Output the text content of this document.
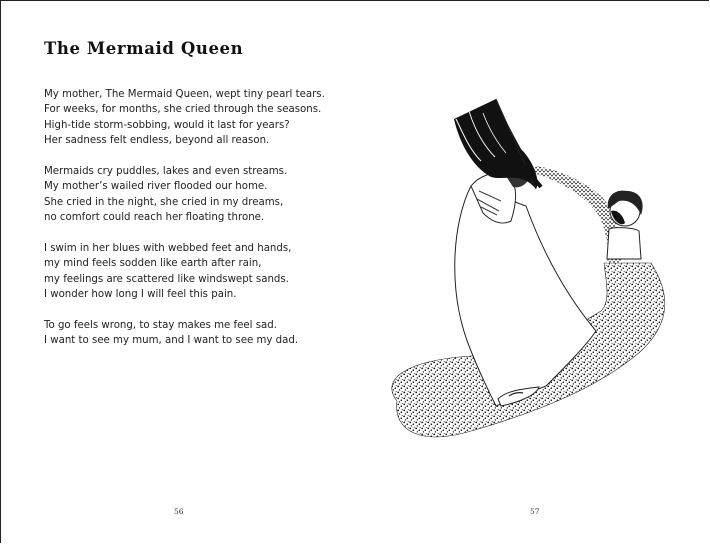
The Mermaid Queen
My mother, The Mermaid Queen, wept tiny pearl tears.
For weeks, for months, she cried through the seasons.
High-tide storm-sobbing, would it last for years?
Her sadness felt endless, beyond all reason.
Mermaids cry puddles, lakes and even streams.
My mother’s wailed river flooded our home.
She cried in the night, she cried in my dreams,
no comfort could reach her floating throne.
I swim in her blues with webbed feet and hands,
my mind feels sodden like earth after rain,
my feelings are scattered like windswept sands.
I wonder how long I will feel this pain.
To go feels wrong, to stay makes me feel sad.
I want to see my mum, and I want to see my dad.
56	57
